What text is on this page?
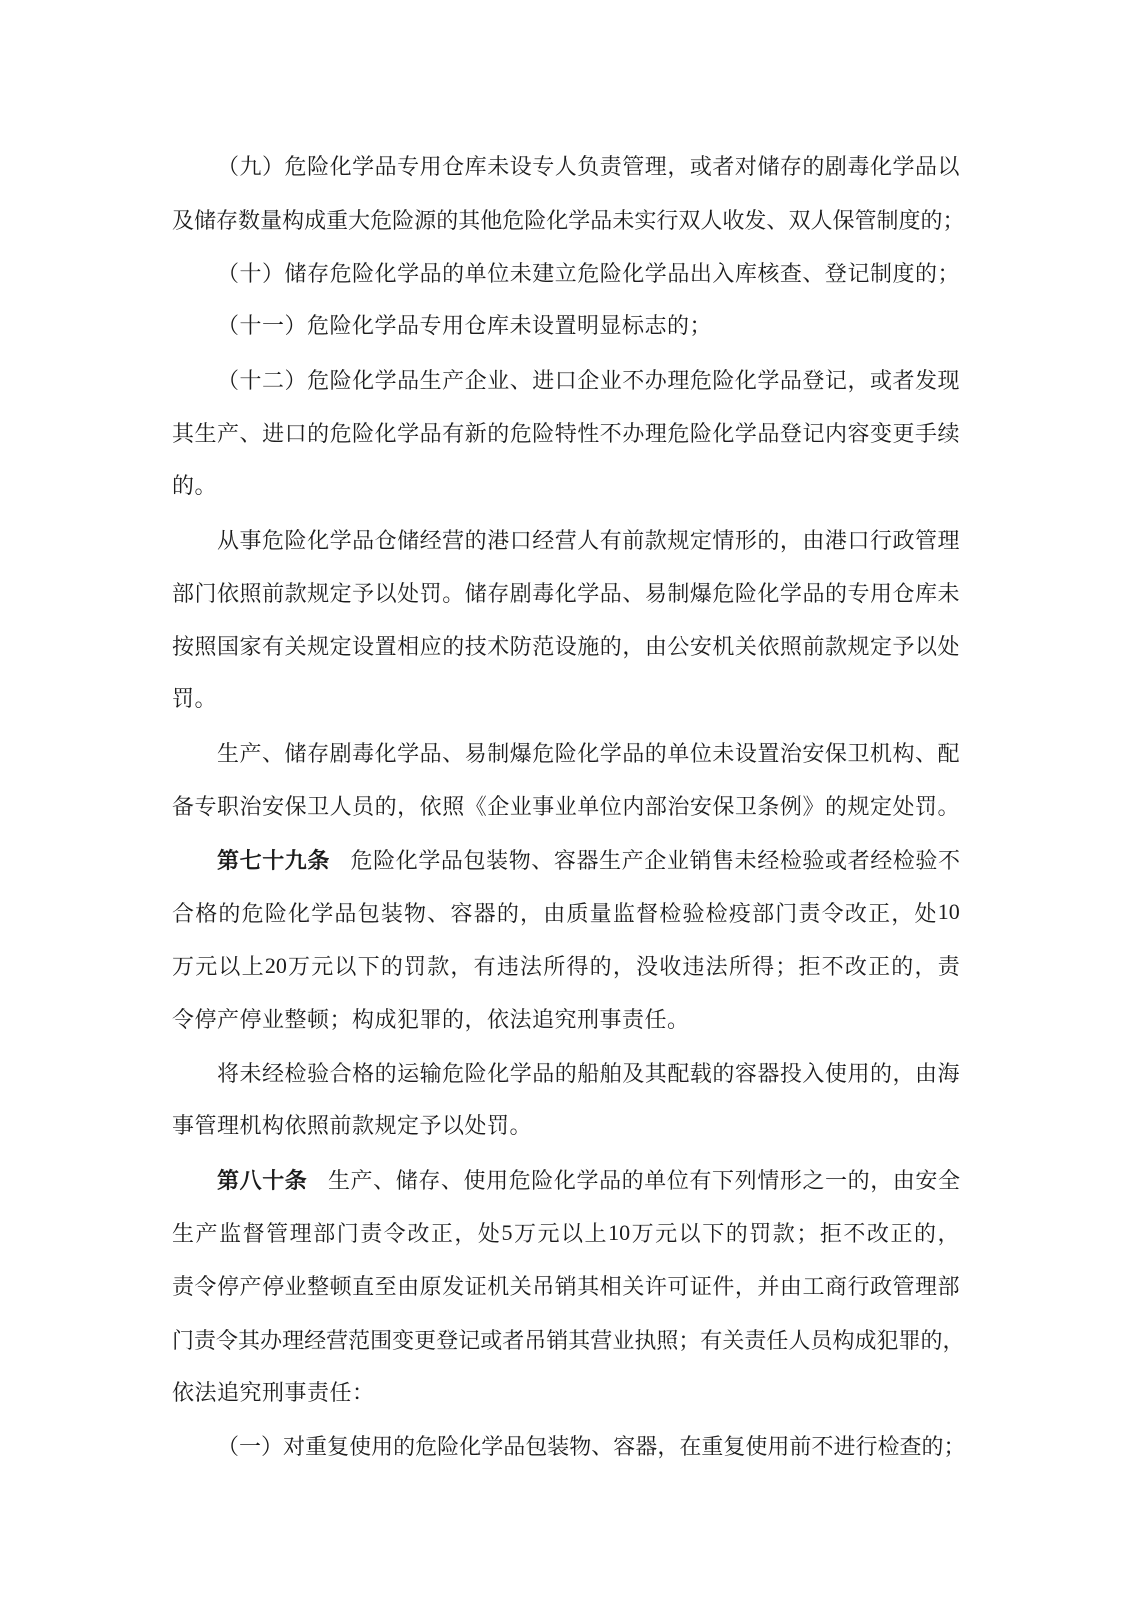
（ 九 ） 危 险 化 学 品 专 用 仓 库 未 设 专 人 负 责 管 理 ， 或 者 对 储 存 的 剧 毒 化 学 品 以
及 储 存 数 量 构 成 重 大 危 险 源 的 其 他 危 险 化 学 品 未 实 行 双 人 收 发 、 双 人 保 管 制 度 的 ；
（ 十 ） 储 存 危 险 化 学 品 的 单 位 未 建 立 危 险 化 学 品 出 入 库 核 查 、 登 记 制 度 的 ；
（十一）危险化学品专用仓库未设置明显标志的；
（ 十 二 ） 危 险 化 学 品 生 产 企 业 、 进 口 企 业 不 办 理 危 险 化 学 品 登 记 ， 或 者 发 现
其 生 产 、 进 口 的 危 险 化 学 品 有 新 的 危 险 特 性 不 办 理 危 险 化 学 品 登 记 内 容 变 更 手 续
的。
从 事 危 险 化 学 品 仓 储 经 营 的 港 口 经 营 人 有 前 款 规 定 情 形 的 ， 由 港 口 行 政 管 理
部 门 依 照 前 款 规 定 予 以 处 罚 。 储 存 剧 毒 化 学 品 、 易 制 爆 危 险 化 学 品 的 专 用 仓 库 未
按 照 国 家 有 关 规 定 设 置 相 应 的 技 术 防 范 设 施 的 ， 由 公 安 机 关 依 照 前 款 规 定 予 以 处
罚。
生 产 、 储 存 剧 毒 化 学 品 、 易 制 爆 危 险 化 学 品 的 单 位 未 设 置 治 安 保 卫 机 构 、 配
备 专 职 治 安 保 卫 人 员 的 ， 依 照 《 企 业 事 业 单 位 内 部 治 安 保 卫 条 例 》 的 规 定 处 罚 。
第 七 十 九 条 危 险 化 学 品 包 装 物 、 容 器 生 产 企 业 销 售 未 经 检 验 或 者 经 检 验 不
合 格 的 危 险 化 学 品 包 装 物 、 容 器 的 ， 由 质 量 监 督 检 验 检 疫 部 门 责 令 改 正 ， 处 10
万 元 以 上 20 万 元 以 下 的 罚 款 ， 有 违 法 所 得 的 ， 没 收 违 法 所 得 ； 拒 不 改 正 的 ， 责
令停产停业整顿；构成犯罪的，依法追究刑事责任。
将 未 经 检 验 合 格 的 运 输 危 险 化 学 品 的 船 舶 及 其 配 载 的 容 器 投 入 使 用 的 ， 由 海
事管理机构依照前款规定予以处罚。
第 八 十 条 生 产 、 储 存 、 使 用 危 险 化 学 品 的 单 位 有 下 列 情 形 之 一 的 ， 由 安 全
生 产 监 督 管 理 部 门 责 令 改 正 ， 处 5 万 元 以 上 10 万 元 以 下 的 罚 款 ； 拒 不 改 正 的 ，
责 令 停 产 停 业 整 顿 直 至 由 原 发 证 机 关 吊 销 其 相 关 许 可 证 件 ， 并 由 工 商 行 政 管 理 部
门 责 令 其 办 理 经 营 范 围 变 更 登 记 或 者 吊 销 其 营 业 执 照 ； 有 关 责 任 人 员 构 成 犯 罪 的 ，
依法追究刑事责任：
（ 一 ） 对 重 复 使 用 的 危 险 化 学 品 包 装 物 、 容 器 ， 在 重 复 使 用 前 不 进 行 检 查 的 ；
